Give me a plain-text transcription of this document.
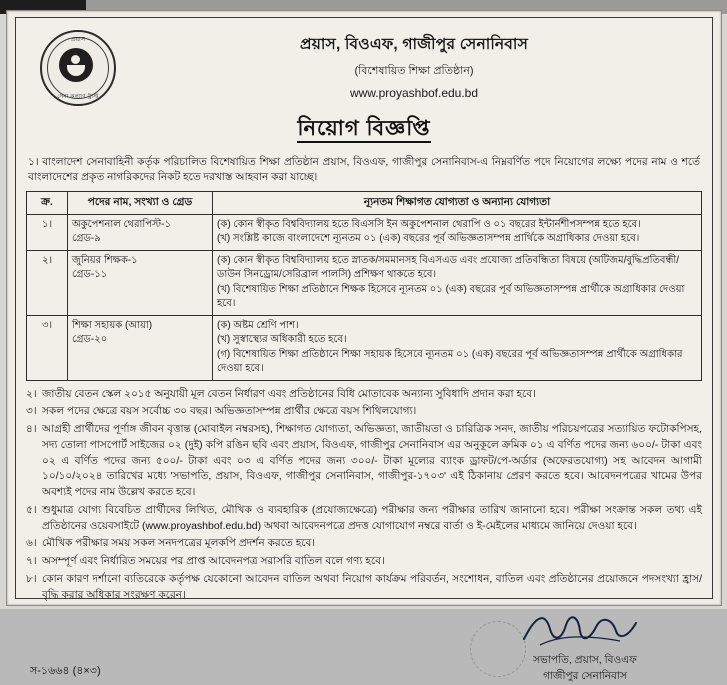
প্রয়াস
সেনা কল্যাণ ট্রাস্ট
প্রয়াস, বিওএফ, গাজীপুর সেনানিবাস
(বিশেষায়িত শিক্ষা প্রতিষ্ঠান)
www.proyashbof.edu.bd
নিয়োগ বিজ্ঞপ্তি
১। বাংলাদেশ সেনাবাহিনী কর্তৃক পরিচালিত বিশেষায়িত শিক্ষা প্রতিষ্ঠান প্রয়াস, বিওএফ, গাজীপুর সেনানিবাস-এ নিম্নবর্ণিত পদে নিয়োগের লক্ষ্যে পদের নাম ও শর্তে বাংলাদেশের প্রকৃত নাগরিকদের নিকট হতে দরখাস্ত আহবান করা যাচ্ছে।
ক্র.	পদের নাম, সংখ্যা ও গ্রেড	ন্যূনতম শিক্ষাগত যোগ্যতা ও অন্যান্য যোগ্যতা
১।	অকুপেশনাল থেরাপিস্ট-১
গ্রেড-৯

(ক) কোন স্বীকৃত বিশ্ববিদ্যালয় হতে বিএসসি ইন অকুপেশনাল থেরাপি ও ০১ বছরের ইন্টার্নশীপসম্পন্ন হতে হবে।
(খ) সংশ্লিষ্ট কাজে বাংলাদেশে ন্যূনতম ০১ (এক) বছরের পূর্ব অভিজ্ঞতাসম্পন্ন প্রার্থিকে অগ্রাধিকার দেওয়া হবে।

২।	জুনিয়র শিক্ষক-১
গ্রেড-১১

(ক) কোন স্বীকৃত বিশ্ববিদ্যালয় হতে স্নাতক/সমমানসহ বিএসএড এবং প্রযোজ্য প্রতিবন্ধিতা বিষয়ে (অটিজম/বুদ্ধিপ্রতিবন্ধী/ডাউন সিনড্রোম/সেরিব্রাল পালসি) প্রশিক্ষণ থাকতে হবে।
(খ) বিশেষায়িত শিক্ষা প্রতিষ্ঠানে শিক্ষক হিসেবে ন্যূনতম ০১ (এক) বছরের পূর্ব অভিজ্ঞতাসম্পন্ন প্রার্থীকে অগ্রাধিকার দেওয়া হবে।

৩।	শিক্ষা সহায়ক (আয়া)
গ্রেড-২০

(ক) অষ্টম শ্রেণি পাশ।
(খ) সুস্বাস্থ্যের অধিকারী হতে হবে।
(গ) বিশেষায়িত শিক্ষা প্রতিষ্ঠানে শিক্ষা সহায়ক হিসেবে ন্যূনতম ০১ (এক) বছরের পূর্ব অভিজ্ঞতাসম্পন্ন প্রার্থীকে অগ্রাধিকার দেওয়া হবে।
২। জাতীয় বেতন স্কেল ২০১৫ অনুযায়ী মূল বেতন নির্ধারণ এবং প্রতিষ্ঠানের বিধি মোতাবেক অন্যান্য সুবিধাদি প্রদান করা হবে।
৩। সকল পদের ক্ষেত্রে বয়স সর্বোচ্চ ৩০ বছর। অভিজ্ঞতাসম্পন্ন প্রার্থীর ক্ষেত্রে বয়স শিথিলযোগ্য।
৪। আগ্রহী প্রার্থীদের পূর্ণাঙ্গ জীবন বৃত্তান্ত (মোবাইল নম্বরসহ), শিক্ষাগত যোগ্যতা, অভিজ্ঞতা, জাতীয়তা ও চারিত্রিক সনদ, জাতীয় পরিচয়পত্রের সত্যায়িত ফটোকপিসহ, সদ্য তোলা পাসপোর্ট সাইজের ০২ (দুই) কপি রঙিন ছবি এবং প্রয়াস, বিওএফ, গাজীপুর সেনানিবাস এর অনুকূলে ক্রমিক ০১ এ বর্ণিত পদের জন্য ৬০০/- টাকা এবং ০২ এ বর্ণিত পদের জন্য ৫০০/- টাকা এবং ০৩ এ বর্ণিত পদের জন্য ৩০০/- টাকা মূল্যের ব্যাংক ড্রাফট/পে-অর্ডার (অফেরতযোগ্য) সহ আবেদন আগামী ১০/১০/২০২৪ তারিখের মধ্যে 'সভাপতি, প্রয়াস, বিওএফ, গাজীপুর সেনানিবাস, গাজীপুর-১৭০৩' এই ঠিকানায় প্রেরণ করতে হবে। আবেদনপত্রের খামের উপর অবশ্যই পদের নাম উল্লেখ করতে হবে।
৫। শুধুমাত্র যোগ্য বিবেচিত প্রার্থীদের লিখিত, মৌখিক ও ব্যবহারিক (প্রযোজ্যক্ষেত্রে) পরীক্ষার জন্য পরীক্ষার তারিখ জানানো হবে। পরীক্ষা সংক্রান্ত সকল তথ্য এই প্রতিষ্ঠানের ওয়েবসাইটে (www.proyashbof.edu.bd) অথবা আবেদনপত্রে প্রদত্ত যোগাযোগ নম্বরে বার্তা ও ই-মেইলের মাধ্যমে জানিয়ে দেওয়া হবে।
৬। মৌখিক পরীক্ষার সময় সকল সনদপত্রের মূলকপি প্রদর্শন করতে হবে।
৭। অসম্পূর্ণ এবং নির্ধারিত সময়ের পর প্রাপ্ত আবেদনপত্র সরাসরি বাতিল বলে গণ্য হবে।
৮। কোন কারণ দর্শানো ব্যতিরেকে কর্তৃপক্ষ যেকোনো আবেদন বাতিল অথবা নিয়োগ কার্যক্রম পরিবর্তন, সংশোধন, বাতিল এবং প্রতিষ্ঠানের প্রয়োজনে পদসংখ্যা হ্রাস/বৃদ্ধি করার অধিকার সংরক্ষণ করেন।
সভাপতি, প্রয়াস, বিওএফ
গাজীপুর সেনানিবাস
স-১৬৬৪ (৪×৩)
